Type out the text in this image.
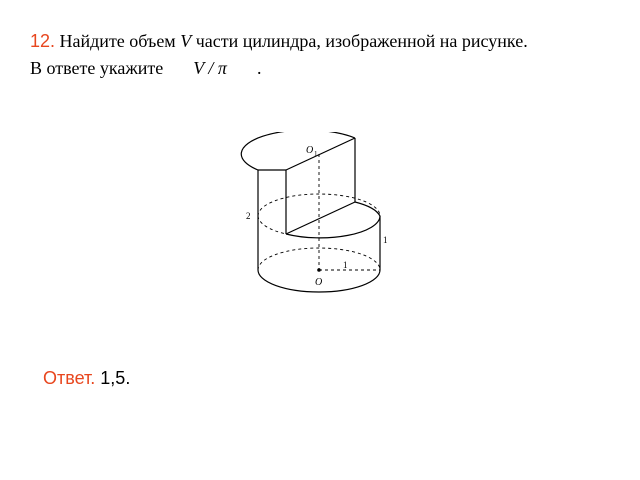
12. Найдите объем V части цилиндра, изображенной на рисунке.
В ответе укажите V / π .
O 1
O
2
1
1
Ответ. 1,5.
